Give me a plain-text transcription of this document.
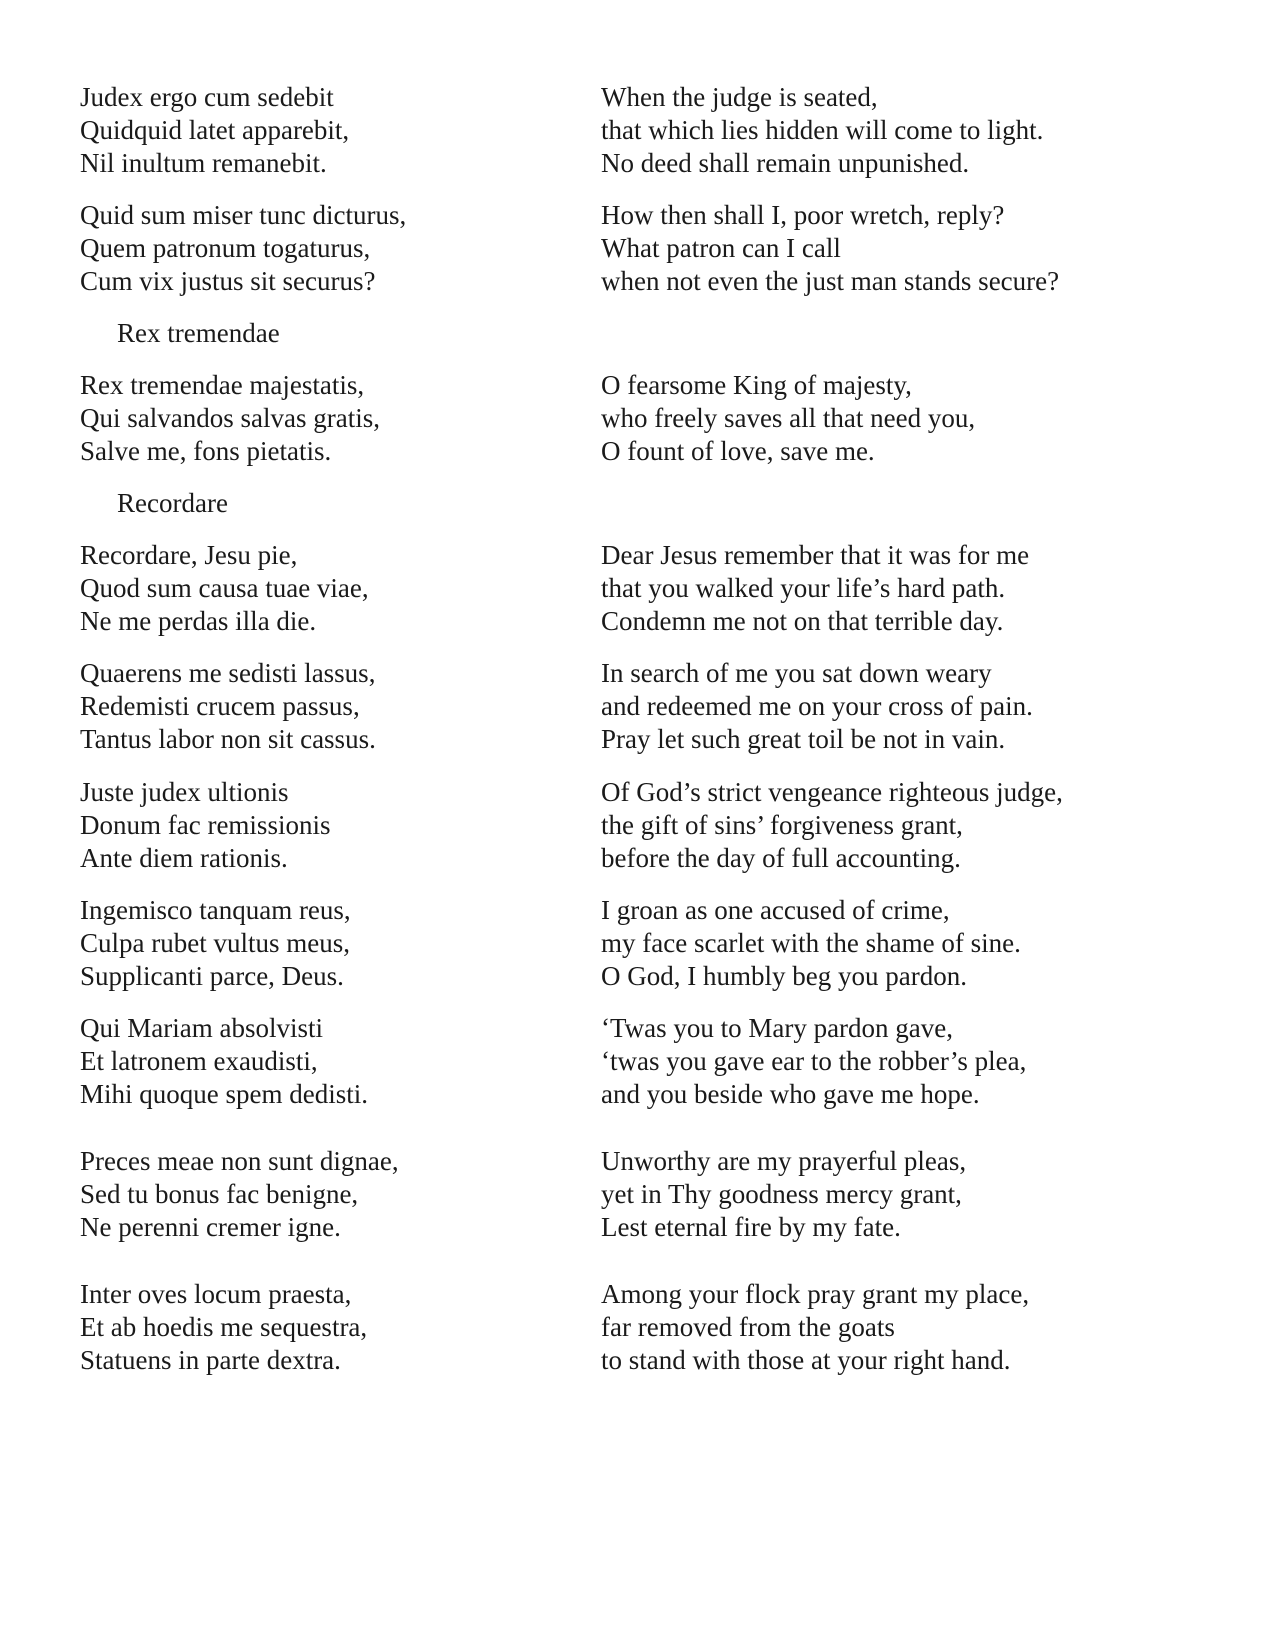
Judex ergo cum sedebit
Quidquid latet apparebit,
Nil inultum remanebit.
When the judge is seated,
that which lies hidden will come to light.
No deed shall remain unpunished.
Quid sum miser tunc dicturus,
Quem patronum togaturus,
Cum vix justus sit securus?
How then shall I, poor wretch, reply?
What patron can I call
when not even the just man stands secure?
Rex tremendae
Rex tremendae majestatis,
Qui salvandos salvas gratis,
Salve me, fons pietatis.
O fearsome King of majesty,
who freely saves all that need you,
O fount of love, save me.
Recordare
Recordare, Jesu pie,
Quod sum causa tuae viae,
Ne me perdas illa die.
Dear Jesus remember that it was for me
that you walked your life’s hard path.
Condemn me not on that terrible day.
Quaerens me sedisti lassus,
Redemisti crucem passus,
Tantus labor non sit cassus.
In search of me you sat down weary
and redeemed me on your cross of pain.
Pray let such great toil be not in vain.
Juste judex ultionis
Donum fac remissionis
Ante diem rationis.
Of God’s strict vengeance righteous judge,
the gift of sins’ forgiveness grant,
before the day of full accounting.
Ingemisco tanquam reus,
Culpa rubet vultus meus,
Supplicanti parce, Deus.
I groan as one accused of crime,
my face scarlet with the shame of sine.
O God, I humbly beg you pardon.
Qui Mariam absolvisti
Et latronem exaudisti,
Mihi quoque spem dedisti.
‘Twas you to Mary pardon gave,
‘twas you gave ear to the robber’s plea,
and you beside who gave me hope.
Preces meae non sunt dignae,
Sed tu bonus fac benigne,
Ne perenni cremer igne.
Unworthy are my prayerful pleas,
yet in Thy goodness mercy grant,
Lest eternal fire by my fate.
Inter oves locum praesta,
Et ab hoedis me sequestra,
Statuens in parte dextra.
Among your flock pray grant my place,
far removed from the goats
to stand with those at your right hand.
